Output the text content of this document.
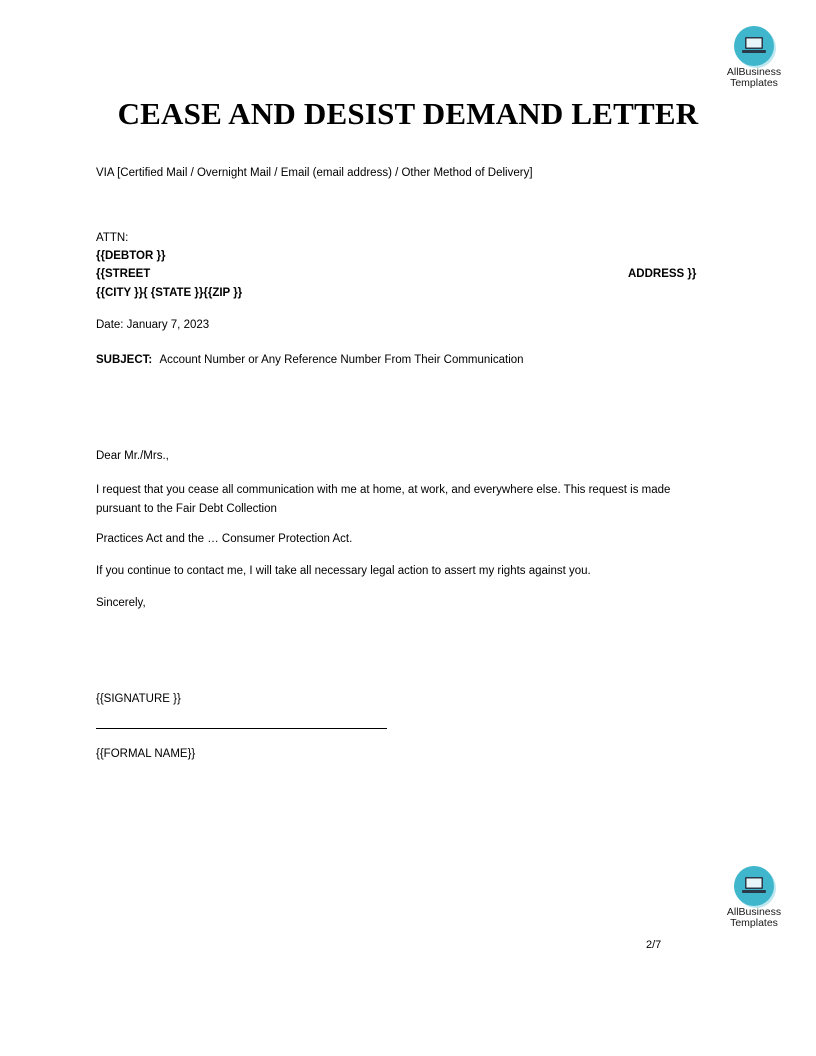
AllBusiness
Templates
CEASE AND DESIST DEMAND LETTER
VIA [Certified Mail / Overnight Mail / Email (email address) / Other Method of Delivery]
ATTN:
{{DEBTOR }}
{{STREET	ADDRESS }}
{{CITY }}{ {STATE }}{{ZIP }}
Date: January 7, 2023
SUBJECT: Account Number or Any Reference Number From Their Communication
Dear Mr./Mrs.,
I request that you cease all communication with me at home, at work, and everywhere else. This request is made pursuant to the Fair Debt Collection
Practices Act and the … Consumer Protection Act.
If you continue to contact me, I will take all necessary legal action to assert my rights against you.
Sincerely,
{{SIGNATURE }}
{{FORMAL NAME}}
AllBusiness
Templates
2/7
